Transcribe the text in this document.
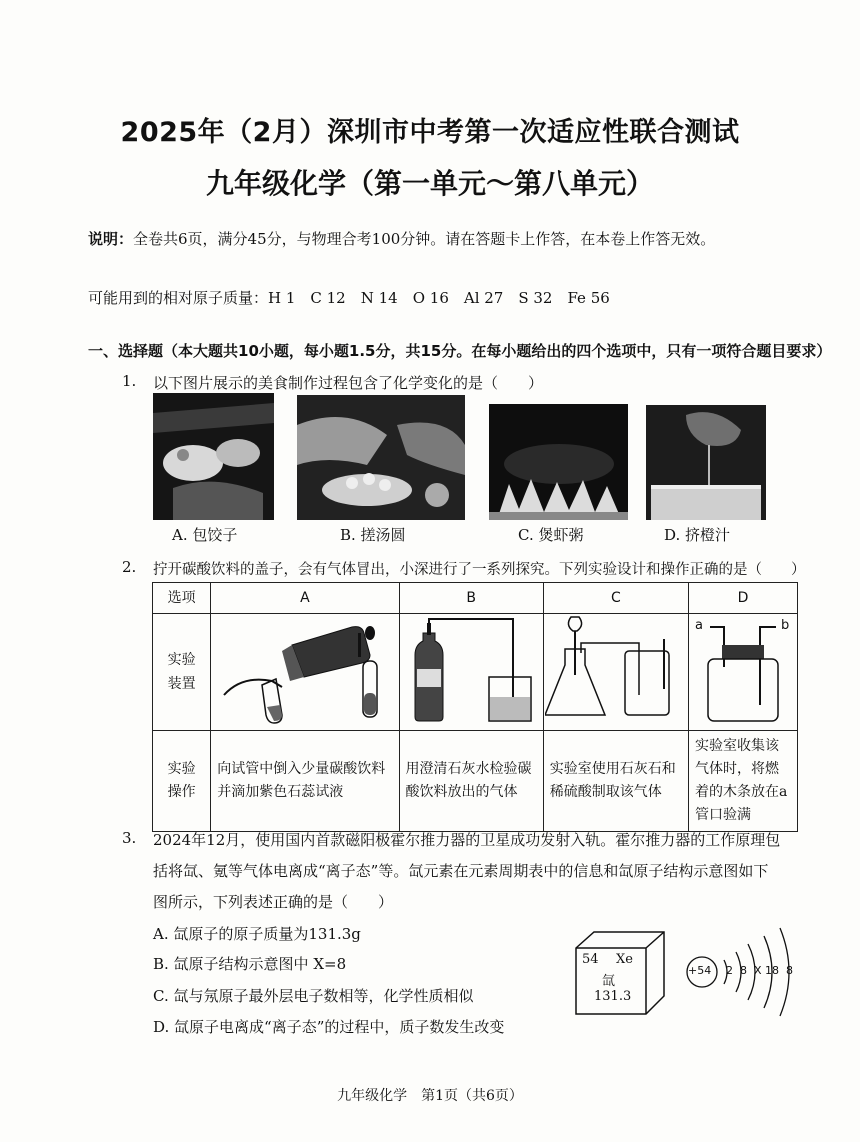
2025年（2月）深圳市中考第一次适应性联合测试
九年级化学（第一单元～第八单元）
说明：全卷共6页，满分45分，与物理合考100分钟。请在答题卡上作答，在本卷上作答无效。
可能用到的相对原子质量：H 1　C 12　N 14　O 16　Al 27　S 32　Fe 56
一、选择题（本大题共10小题，每小题1.5分，共15分。在每小题给出的四个选项中，只有一项符合题目要求）
1. 以下图片展示的美食制作过程包含了化学变化的是（　　）
A. 包饺子	B. 搓汤圆	C. 煲虾粥	D. 挤橙汁
2. 拧开碳酸饮料的盖子，会有气体冒出，小深进行了一系列探究。下列实验设计和操作正确的是（　　）
选项	A	B	C	D
实验
装置				a b

实验
操作	向试管中倒入少量碳酸饮料并滴加紫色石蕊试液	用澄清石灰水检验碳酸饮料放出的气体	实验室使用石灰石和稀硫酸制取该气体	实验室收集该气体时，将燃着的木条放在a管口验满
3. 2024年12月，使用国内首款磁阳极霍尔推力器的卫星成功发射入轨。霍尔推力器的工作原理包
括将氙、氪等气体电离成“离子态”等。氙元素在元素周期表中的信息和氙原子结构示意图如下
图所示，下列表述正确的是（　　）
A. 氙原子的原子质量为131.3g
B. 氙原子结构示意图中 X=8
C. 氙与氖原子最外层电子数相等，化学性质相似
D. 氙原子电离成“离子态”的过程中，质子数发生改变
54 Xe
氙
131.3
+54 2  8  X 18  8
九年级化学　第1页（共6页）
